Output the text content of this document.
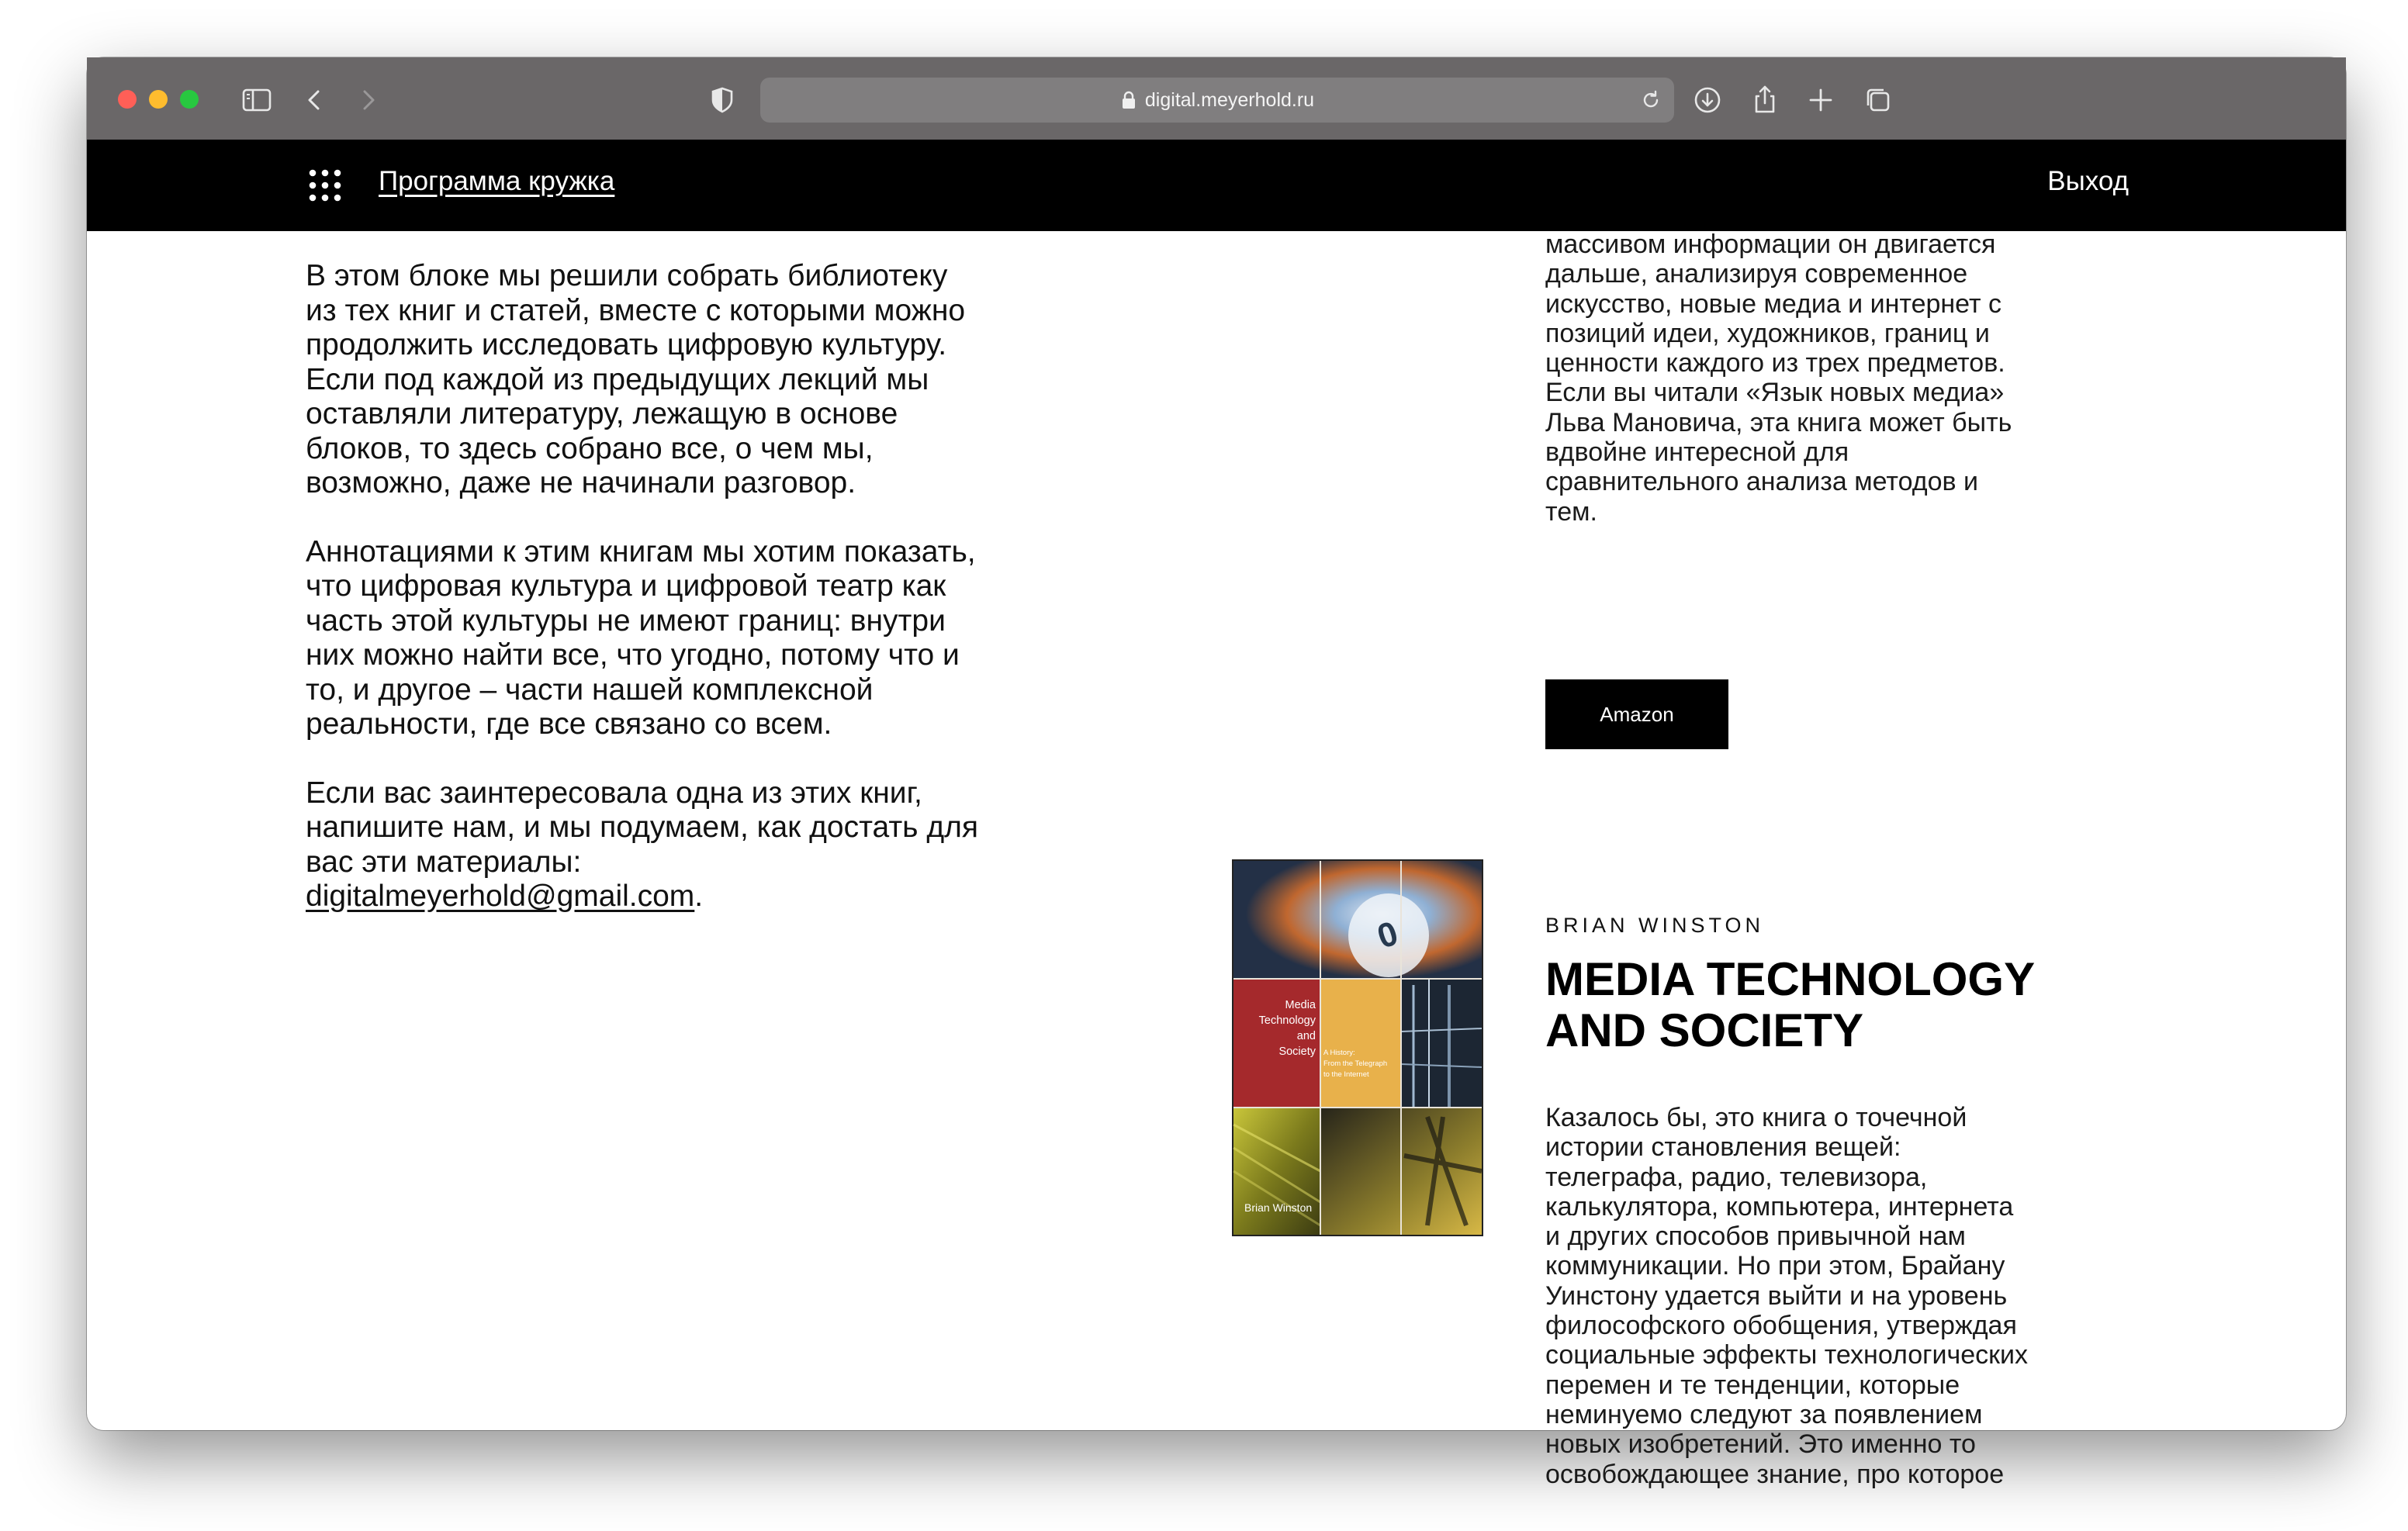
digital.meyerhold.ru
Программа кружка	Выход

В этом блоке мы решили собрать библиотеку
из тех книг и статей, вместе с которыми можно
продолжить исследовать цифровую культуру.
Если под каждой из предыдущих лекций мы
оставляли литературу, лежащую в основе
блоков, то здесь собрано все, о чем мы,
возможно, даже не начинали разговор.

Аннотациями к этим книгам мы хотим показать,
что цифровая культура и цифровой театр как
часть этой культуры не имеют границ: внутри
них можно найти все, что угодно, потому что и
то, и другое – части нашей комплексной
реальности, где все связано со всем.

Если вас заинтересовала одна из этих книг,
напишите нам, и мы подумаем, как достать для
вас эти материалы:
digitalmeyerhold@gmail.com.

массивом информации он двигается
дальше, анализируя современное
искусство, новые медиа и интернет с
позиций идеи, художников, границ и
ценности каждого из трех предметов.
Если вы читали «Язык новых медиа»
Льва Мановича, эта книга может быть
вдвойне интересной для
сравнительного анализа методов и
тем.

Amazon
0
Media
Technology
and
Society A History:
From the Telegraph
to the Internet
Brian Winston
BRIAN WINSTON
MEDIA TECHNOLOGY
AND SOCIETY

Казалось бы, это книга о точечной
истории становления вещей:
телеграфа, радио, телевизора,
калькулятора, компьютера, интернета
и других способов привычной нам
коммуникации. Но при этом, Брайану
Уинстону удается выйти и на уровень
философского обобщения, утверждая
социальные эффекты технологических
перемен и те тенденции, которые
неминуемо следуют за появлением
новых изобретений. Это именно то
освобождающее знание, про которое
